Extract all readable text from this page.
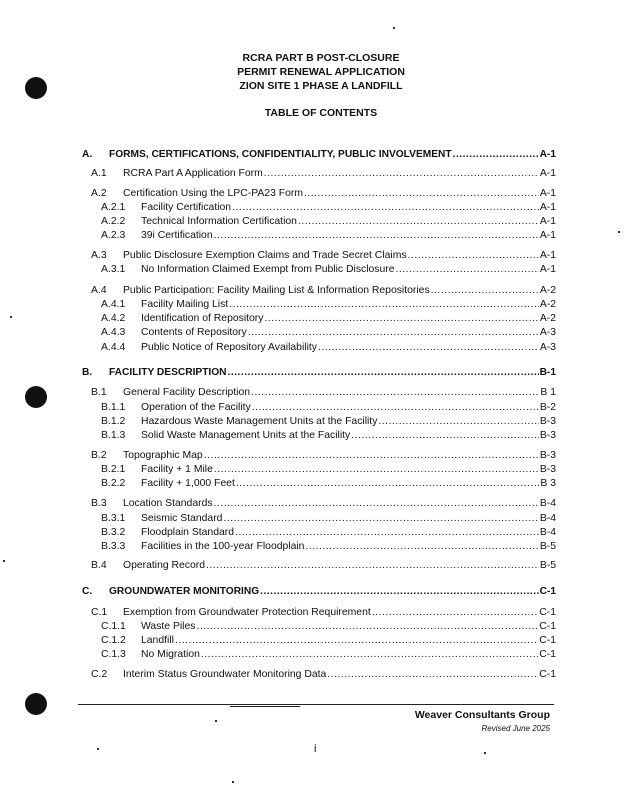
RCRA PART B POST-CLOSURE
PERMIT RENEWAL APPLICATION
ZION SITE 1 PHASE A LANDFILL
TABLE OF CONTENTS
A.	FORMS, CERTIFICATIONS, CONFIDENTIALITY, PUBLIC INVOLVEMENT .....	A-1
A.1	RCRA Part A Application Form .....	A-1
A.2	Certification Using the LPC-PA23 Form .....	A-1
A.2.1	Facility Certification .....	A-1
A.2.2	Technical Information Certification .....	A-1
A.2.3	39i Certification .....	A-1
A.3	Public Disclosure Exemption Claims and Trade Secret Claims .....	A-1
A.3.1	No Information Claimed Exempt from Public Disclosure .....	A-1
A.4	Public Participation: Facility Mailing List & Information Repositories .....	A-2
A.4.1	Facility Mailing List .....	A-2
A.4.2	Identification of Repository .....	A-2
A.4.3	Contents of Repository .....	A-3
A.4.4	Public Notice of Repository Availability .....	A-3
B.	FACILITY DESCRIPTION .....	B-1
B.1	General Facility Description .....	B 1
B.1.1	Operation of the Facility .....	B-2
B.1.2	Hazardous Waste Management Units at the Facility .....	B-3
B.1.3	Solid Waste Management Units at the Facility .....	B-3
B.2	Topographic Map .....	B-3
B.2.1	Facility + 1 Mile .....	B-3
B.2.2	Facility + 1,000 Feet .....	B 3
B.3	Location Standards .....	B-4
B.3.1	Seismic Standard .....	B-4
B.3.2	Floodplain Standard .....	B-4
B.3.3	Facilities in the 100-year Floodplain .....	B-5
B.4	Operating Record .....	B-5
C.	GROUNDWATER MONITORING .....	C-1
C.1	Exemption from Groundwater Protection Requirement .....	C-1
C.1.1	Waste Piles .....	C-1
C.1.2	Landfill .....	C-1
C.1.3	No Migration .....	C-1
C.2	Interim Status Groundwater Monitoring Data .....	C-1
Weaver Consultants Group
Revised June 2025
i
